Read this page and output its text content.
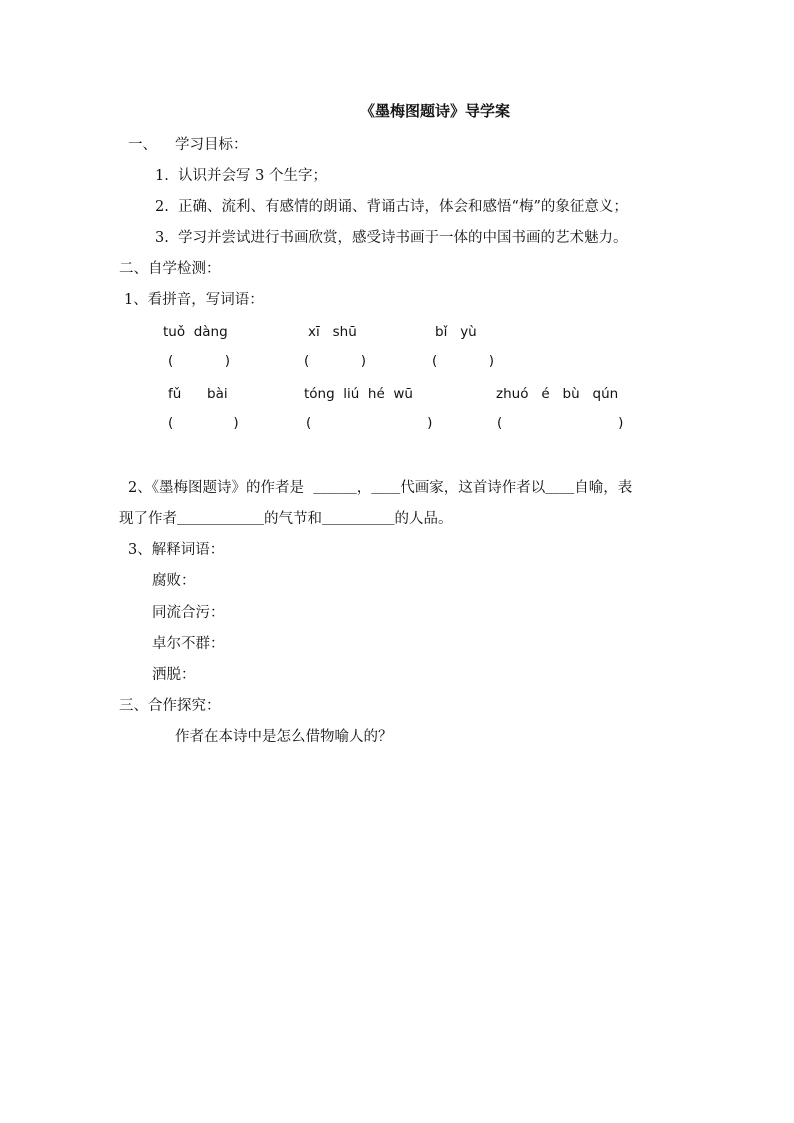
《墨梅图题诗》导学案
一、 学习目标：
1.  认识并会写 3 个生字；
2.  正确、流利、有感情的朗诵、背诵古诗，体会和感悟“梅”的象征意义；
3.  学习并尝试进行书画欣赏，感受诗书画于一体的中国书画的艺术魅力。
二、自学检测：
1、看拼音，写词语：
tuǒ  dàng	xī   shū	bǐ   yù
(            )	(            )	(            )
fǔ      bài	tóng  liú  hé  wū	zhuó   é   bù   qún
(              )	(                           )	(                           )
2、《墨梅图题诗》的作者是  ＿＿＿，＿＿代画家，这首诗作者以＿＿自喻，表
现了作者＿＿＿＿＿＿的气节和＿＿＿＿＿的人品。
3、解释词语：
腐败：
同流合污：
卓尔不群：
洒脱：
三、合作探究：
作者在本诗中是怎么借物喻人的？
